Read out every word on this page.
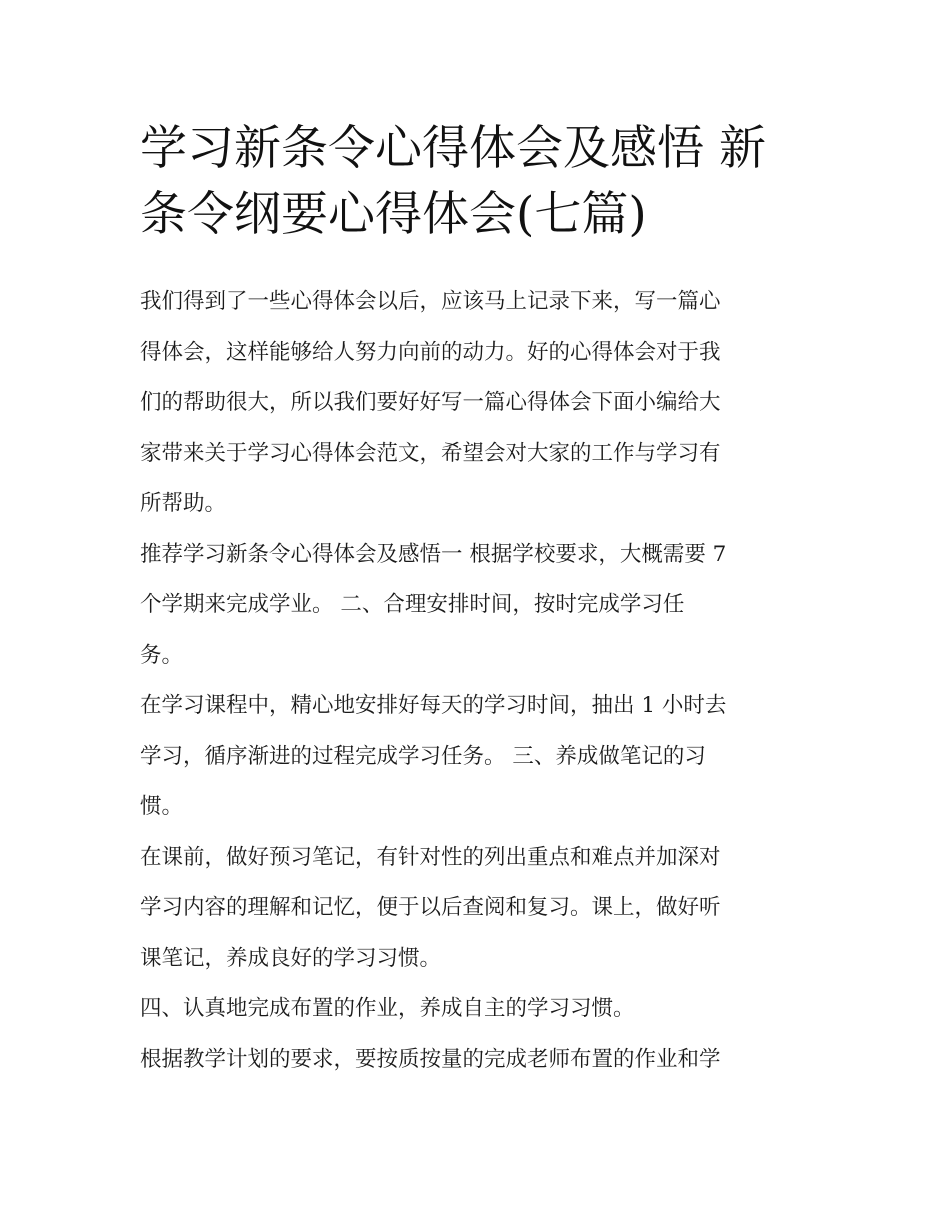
学习新条令心得体会及感悟 新
条令纲要心得体会(七篇)

我们得到了一些心得体会以后，应该马上记录下来，写一篇心
得体会，这样能够给人努力向前的动力。好的心得体会对于我
们的帮助很大，所以我们要好好写一篇心得体会下面小编给大
家带来关于学习心得体会范文，希望会对大家的工作与学习有
所帮助。

推荐学习新条令心得体会及感悟一 根据学校要求，大概需要 7
个学期来完成学业。 二、合理安排时间，按时完成学习任
务。

在学习课程中，精心地安排好每天的学习时间，抽出 1 小时去
学习，循序渐进的过程完成学习任务。 三、养成做笔记的习
惯。

在课前，做好预习笔记，有针对性的列出重点和难点并加深对
学习内容的理解和记忆，便于以后查阅和复习。课上，做好听
课笔记，养成良好的学习习惯。

四、认真地完成布置的作业，养成自主的学习习惯。

根据教学计划的要求，要按质按量的完成老师布置的作业和学
